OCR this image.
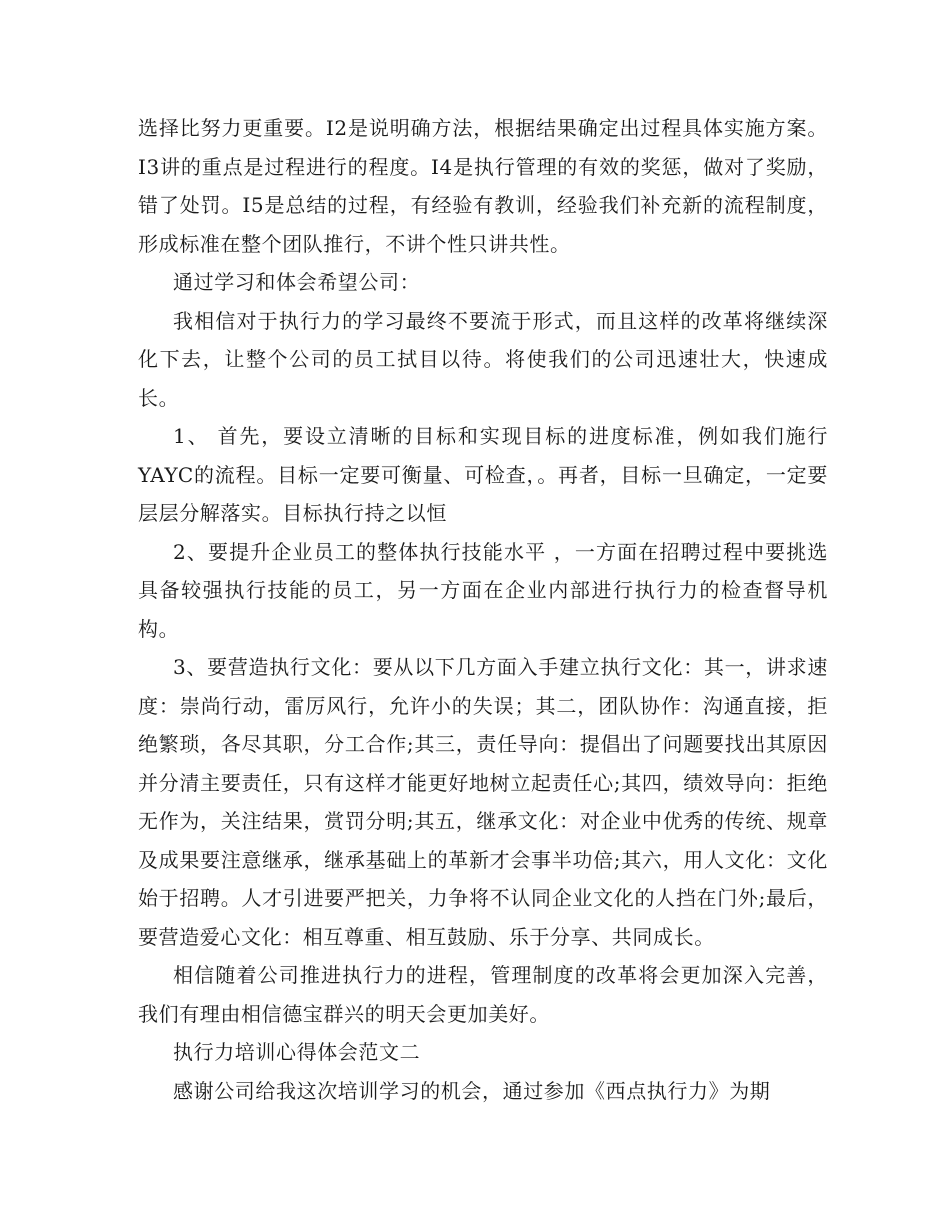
选择比努力更重要。I2是说明确方法，根据结果确定出过程具体实施方案。I3讲的重点是过程进行的程度。I4是执行管理的有效的奖惩，做对了奖励，错了处罚。I5是总结的过程，有经验有教训，经验我们补充新的流程制度，形成标准在整个团队推行，不讲个性只讲共性。

通过学习和体会希望公司：

我相信对于执行力的学习最终不要流于形式，而且这样的改革将继续深化下去，让整个公司的员工拭目以待。将使我们的公司迅速壮大，快速成长。

1、 首先，要设立清晰的目标和实现目标的进度标准，例如我们施行YAYC的流程。目标一定要可衡量、可检查，。再者，目标一旦确定，一定要层层分解落实。目标执行持之以恒

2、要提升企业员工的整体执行技能水平 ，一方面在招聘过程中要挑选具备较强执行技能的员工，另一方面在企业内部进行执行力的检查督导机构。

3、要营造执行文化：要从以下几方面入手建立执行文化：其一，讲求速度：崇尚行动，雷厉风行，允许小的失误；其二，团队协作：沟通直接，拒绝繁琐，各尽其职，分工合作;其三，责任导向：提倡出了问题要找出其原因并分清主要责任，只有这样才能更好地树立起责任心;其四，绩效导向：拒绝无作为，关注结果，赏罚分明;其五，继承文化：对企业中优秀的传统、规章及成果要注意继承，继承基础上的革新才会事半功倍;其六，用人文化：文化始于招聘。人才引进要严把关，力争将不认同企业文化的人挡在门外;最后，要营造爱心文化：相互尊重、相互鼓励、乐于分享、共同成长。

相信随着公司推进执行力的进程，管理制度的改革将会更加深入完善，我们有理由相信德宝群兴的明天会更加美好。

执行力培训心得体会范文二

感谢公司给我这次培训学习的机会，通过参加《西点执行力》为期
